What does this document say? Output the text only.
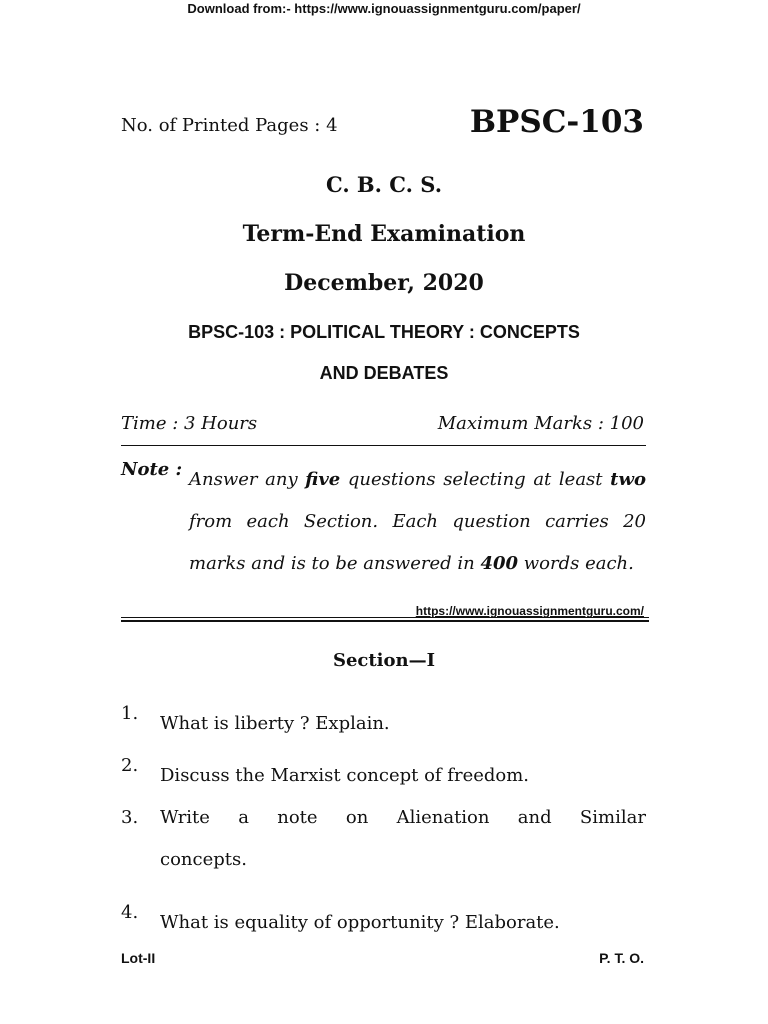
Download from:- https://www.ignouassignmentguru.com/paper/
No. of Printed Pages : 4	BPSC-103
C. B. C. S.
Term-End Examination
December, 2020
BPSC-103 : POLITICAL THEORY : CONCEPTS
AND DEBATES
Time : 3 Hours	Maximum Marks : 100
Note : Answer any five questions selecting at least two from each Section. Each question carries 20 marks and is to be answered in 400 words each.
https://www.ignouassignmentguru.com/
Section—I
1. What is liberty ? Explain.
2. Discuss the Marxist concept of freedom.
3. Write a note on Alienation and Similar
concepts.
4. What is equality of opportunity ? Elaborate.
Lot-II	P. T. O.
